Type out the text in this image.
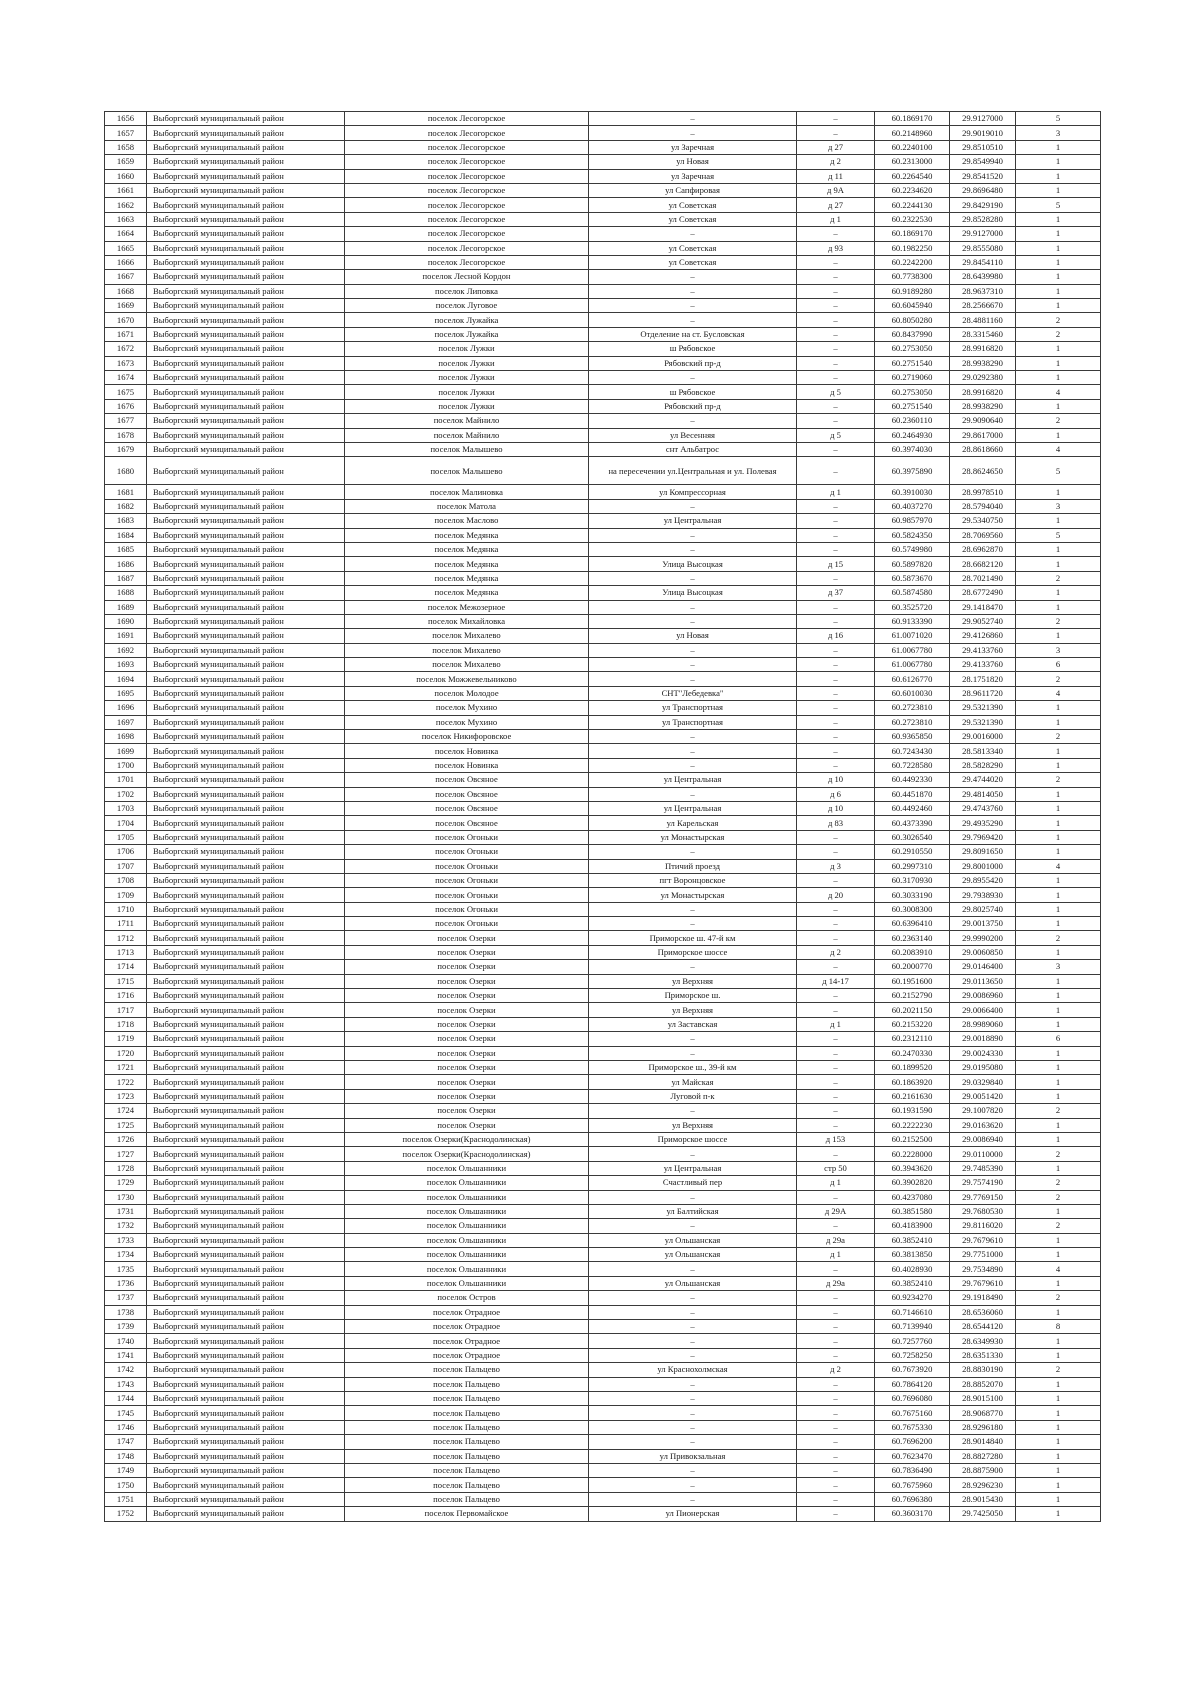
1656	Выборгский муниципальный район	поселок Лесогорское	–	–	60.1869170	29.9127000	5
1657	Выборгский муниципальный район	поселок Лесогорское	–	–	60.2148960	29.9019010	3
1658	Выборгский муниципальный район	поселок Лесогорское	ул Заречная	д 27	60.2240100	29.8510510	1
1659	Выборгский муниципальный район	поселок Лесогорское	ул Новая	д 2	60.2313000	29.8549940	1
1660	Выборгский муниципальный район	поселок Лесогорское	ул Заречная	д 11	60.2264540	29.8541520	1
1661	Выборгский муниципальный район	поселок Лесогорское	ул Сапфировая	д 9А	60.2234620	29.8696480	1
1662	Выборгский муниципальный район	поселок Лесогорское	ул Советская	д 27	60.2244130	29.8429190	5
1663	Выборгский муниципальный район	поселок Лесогорское	ул Советская	д 1	60.2322530	29.8528280	1
1664	Выборгский муниципальный район	поселок Лесогорское	–	–	60.1869170	29.9127000	1
1665	Выборгский муниципальный район	поселок Лесогорское	ул Советская	д 93	60.1982250	29.8555080	1
1666	Выборгский муниципальный район	поселок Лесогорское	ул Советская	–	60.2242200	29.8454110	1
1667	Выборгский муниципальный район	поселок Лесной Кордон	–	–	60.7738300	28.6439980	1
1668	Выборгский муниципальный район	поселок Липовка	–	–	60.9189280	28.9637310	1
1669	Выборгский муниципальный район	поселок Луговое	–	–	60.6045940	28.2566670	1
1670	Выборгский муниципальный район	поселок Лужайка	–	–	60.8050280	28.4881160	2
1671	Выборгский муниципальный район	поселок Лужайка	Отделение на ст. Бусловская	–	60.8437990	28.3315460	2
1672	Выборгский муниципальный район	поселок Лужки	ш Рябовское	–	60.2753050	28.9916820	1
1673	Выборгский муниципальный район	поселок Лужки	Рябовский пр-д	–	60.2751540	28.9938290	1
1674	Выборгский муниципальный район	поселок Лужки	–	–	60.2719060	29.0292380	1
1675	Выборгский муниципальный район	поселок Лужки	ш Рябовское	д 5	60.2753050	28.9916820	4
1676	Выборгский муниципальный район	поселок Лужки	Рябовский пр-д	–	60.2751540	28.9938290	1
1677	Выборгский муниципальный район	поселок Майнило	–	–	60.2360110	29.9090640	2
1678	Выборгский муниципальный район	поселок Майнило	ул Весенняя	д 5	60.2464930	29.8617000	1
1679	Выборгский муниципальный район	поселок Малышево	снт Альбатрос	–	60.3974030	28.8618660	4
1680	Выборгский муниципальный район	поселок Малышево	на пересечении ул.Центральная и ул. Полевая	–	60.3975890	28.8624650	5
1681	Выборгский муниципальный район	поселок Малиновка	ул Компрессорная	д 1	60.3910030	28.9978510	1
1682	Выборгский муниципальный район	поселок Матола	–	–	60.4037270	28.5794040	3
1683	Выборгский муниципальный район	поселок Маслово	ул Центральная	–	60.9857970	29.5340750	1
1684	Выборгский муниципальный район	поселок Медянка	–	–	60.5824350	28.7069560	5
1685	Выборгский муниципальный район	поселок Медянка	–	–	60.5749980	28.6962870	1
1686	Выборгский муниципальный район	поселок Медянка	Улица Высоцкая	д 15	60.5897820	28.6682120	1
1687	Выборгский муниципальный район	поселок Медянка	–	–	60.5873670	28.7021490	2
1688	Выборгский муниципальный район	поселок Медянка	Улица Высоцкая	д 37	60.5874580	28.6772490	1
1689	Выборгский муниципальный район	поселок Межозерное	–	–	60.3525720	29.1418470	1
1690	Выборгский муниципальный район	поселок Михайловка	–	–	60.9133390	29.9052740	2
1691	Выборгский муниципальный район	поселок Михалево	ул Новая	д 16	61.0071020	29.4126860	1
1692	Выборгский муниципальный район	поселок Михалево	–	–	61.0067780	29.4133760	3
1693	Выборгский муниципальный район	поселок Михалево	–	–	61.0067780	29.4133760	6
1694	Выборгский муниципальный район	поселок Можжевельниково	–	–	60.6126770	28.1751820	2
1695	Выборгский муниципальный район	поселок Молодое	СНТ"Лебедевка"	–	60.6010030	28.9611720	4
1696	Выборгский муниципальный район	поселок Мухино	ул Транспортная	–	60.2723810	29.5321390	1
1697	Выборгский муниципальный район	поселок Мухино	ул Транспортная	–	60.2723810	29.5321390	1
1698	Выборгский муниципальный район	поселок Никифоровское	–	–	60.9365850	29.0016000	2
1699	Выборгский муниципальный район	поселок Новинка	–	–	60.7243430	28.5813340	1
1700	Выборгский муниципальный район	поселок Новинка	–	–	60.7228580	28.5828290	1
1701	Выборгский муниципальный район	поселок Овсяное	ул Центральная	д 10	60.4492330	29.4744020	2
1702	Выборгский муниципальный район	поселок Овсяное	–	д 6	60.4451870	29.4814050	1
1703	Выборгский муниципальный район	поселок Овсяное	ул Центральная	д 10	60.4492460	29.4743760	1
1704	Выборгский муниципальный район	поселок Овсяное	ул Карельская	д 83	60.4373390	29.4935290	1
1705	Выборгский муниципальный район	поселок Огоньки	ул Монастырская	–	60.3026540	29.7969420	1
1706	Выборгский муниципальный район	поселок Огоньки	–	–	60.2910550	29.8091650	1
1707	Выборгский муниципальный район	поселок Огоньки	Птичий проезд	д 3	60.2997310	29.8001000	4
1708	Выборгский муниципальный район	поселок Огоньки	пгт Воронцовское	–	60.3170930	29.8955420	1
1709	Выборгский муниципальный район	поселок Огоньки	ул Монастырская	д 20	60.3033190	29.7938930	1
1710	Выборгский муниципальный район	поселок Огоньки	–	–	60.3008300	29.8025740	1
1711	Выборгский муниципальный район	поселок Огоньки	–	–	60.6396410	29.0013750	1
1712	Выборгский муниципальный район	поселок Озерки	Приморское ш. 47-й км	–	60.2363140	29.9990200	2
1713	Выборгский муниципальный район	поселок Озерки	Приморское шоссе	д 2	60.2083910	29.0060850	1
1714	Выборгский муниципальный район	поселок Озерки	–	–	60.2000770	29.0146400	3
1715	Выборгский муниципальный район	поселок Озерки	ул Верхняя	д 14-17	60.1951600	29.0113650	1
1716	Выборгский муниципальный район	поселок Озерки	Приморское ш.	–	60.2152790	29.0086960	1
1717	Выборгский муниципальный район	поселок Озерки	ул Верхняя	–	60.2021150	29.0066400	1
1718	Выборгский муниципальный район	поселок Озерки	ул Заставская	д 1	60.2153220	28.9989060	1
1719	Выборгский муниципальный район	поселок Озерки	–	–	60.2312110	29.0018890	6
1720	Выборгский муниципальный район	поселок Озерки	–	–	60.2470330	29.0024330	1
1721	Выборгский муниципальный район	поселок Озерки	Приморское ш., 39-й км	–	60.1899520	29.0195080	1
1722	Выборгский муниципальный район	поселок Озерки	ул Майская	–	60.1863920	29.0329840	1
1723	Выборгский муниципальный район	поселок Озерки	Луговой п-к	–	60.2161630	29.0051420	1
1724	Выборгский муниципальный район	поселок Озерки	–	–	60.1931590	29.1007820	2
1725	Выборгский муниципальный район	поселок Озерки	ул Верхняя	–	60.2222230	29.0163620	1
1726	Выборгский муниципальный район	поселок Озерки(Краснодолинская)	Приморское шоссе	д 153	60.2152500	29.0086940	1
1727	Выборгский муниципальный район	поселок Озерки(Краснодолинская)	–	–	60.2228000	29.0110000	2
1728	Выборгский муниципальный район	поселок Ольшанники	ул Центральная	стр 50	60.3943620	29.7485390	1
1729	Выборгский муниципальный район	поселок Ольшанники	Счастливый пер	д 1	60.3902820	29.7574190	2
1730	Выборгский муниципальный район	поселок Ольшанники	–	–	60.4237080	29.7769150	2
1731	Выборгский муниципальный район	поселок Ольшанники	ул Балтийская	д 29А	60.3851580	29.7680530	1
1732	Выборгский муниципальный район	поселок Ольшанники	–	–	60.4183900	29.8116020	2
1733	Выборгский муниципальный район	поселок Ольшанники	ул Ольшанская	д 29а	60.3852410	29.7679610	1
1734	Выборгский муниципальный район	поселок Ольшанники	ул Ольшанская	д 1	60.3813850	29.7751000	1
1735	Выборгский муниципальный район	поселок Ольшанники	–	–	60.4028930	29.7534890	4
1736	Выборгский муниципальный район	поселок Ольшанники	ул Ольшанская	д 29а	60.3852410	29.7679610	1
1737	Выборгский муниципальный район	поселок Остров	–	–	60.9234270	29.1918490	2
1738	Выборгский муниципальный район	поселок Отрадное	–	–	60.7146610	28.6536060	1
1739	Выборгский муниципальный район	поселок Отрадное	–	–	60.7139940	28.6544120	8
1740	Выборгский муниципальный район	поселок Отрадное	–	–	60.7257760	28.6349930	1
1741	Выборгский муниципальный район	поселок Отрадное	–	–	60.7258250	28.6351330	1
1742	Выборгский муниципальный район	поселок Пальцево	ул Краснохолмская	д 2	60.7673920	28.8830190	2
1743	Выборгский муниципальный район	поселок Пальцево	–	–	60.7864120	28.8852070	1
1744	Выборгский муниципальный район	поселок Пальцево	–	–	60.7696080	28.9015100	1
1745	Выборгский муниципальный район	поселок Пальцево	–	–	60.7675160	28.9068770	1
1746	Выборгский муниципальный район	поселок Пальцево	–	–	60.7675330	28.9296180	1
1747	Выборгский муниципальный район	поселок Пальцево	–	–	60.7696200	28.9014840	1
1748	Выборгский муниципальный район	поселок Пальцево	ул Привокзальная	–	60.7623470	28.8827280	1
1749	Выборгский муниципальный район	поселок Пальцево	–	–	60.7836490	28.8875900	1
1750	Выборгский муниципальный район	поселок Пальцево	–	–	60.7675960	28.9296230	1
1751	Выборгский муниципальный район	поселок Пальцево	–	–	60.7696380	28.9015430	1
1752	Выборгский муниципальный район	поселок Первомайское	ул Пионерская	–	60.3603170	29.7425050	1
